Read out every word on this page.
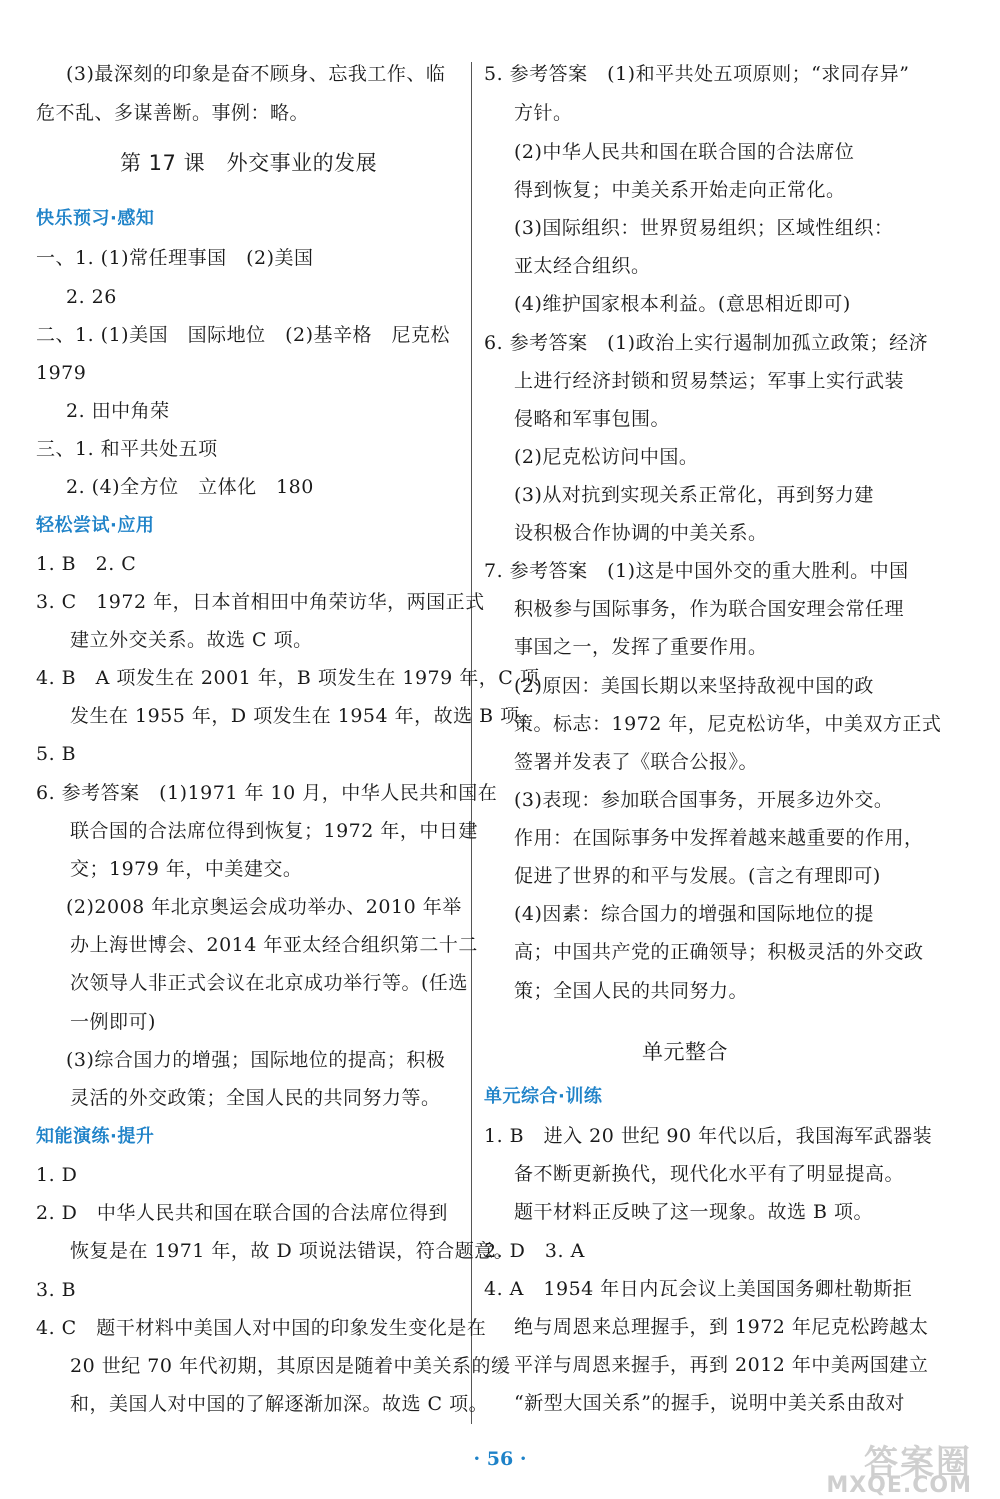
(3)最深刻的印象是奋不顾身、忘我工作、临
危不乱、多谋善断。事例：略。
第 17 课　外交事业的发展
快乐预习·感知
一、1. (1)常任理事国　(2)美国
2. 26
二、1. (1)美国　国际地位　(2)基辛格　尼克松
1979
2. 田中角荣
三、1. 和平共处五项
2. (4)全方位　立体化　180
轻松尝试·应用
1. B　2. C
3. C　1972 年，日本首相田中角荣访华，两国正式
建立外交关系。故选 C 项。
4. B　A 项发生在 2001 年，B 项发生在 1979 年，C 项
发生在 1955 年，D 项发生在 1954 年，故选 B 项。
5. B
6. 参考答案　(1)1971 年 10 月，中华人民共和国在
联合国的合法席位得到恢复；1972 年，中日建
交；1979 年，中美建交。
(2)2008 年北京奥运会成功举办、2010 年举
办上海世博会、2014 年亚太经合组织第二十二
次领导人非正式会议在北京成功举行等。(任选
一例即可)
(3)综合国力的增强；国际地位的提高；积极
灵活的外交政策；全国人民的共同努力等。
知能演练·提升
1. D
2. D　中华人民共和国在联合国的合法席位得到
恢复是在 1971 年，故 D 项说法错误，符合题意。
3. B
4. C　题干材料中美国人对中国的印象发生变化是在
20 世纪 70 年代初期，其原因是随着中美关系的缓
和，美国人对中国的了解逐渐加深。故选 C 项。
5. 参考答案　(1)和平共处五项原则；“求同存异”
方针。
(2)中华人民共和国在联合国的合法席位
得到恢复；中美关系开始走向正常化。
(3)国际组织：世界贸易组织；区域性组织：
亚太经合组织。
(4)维护国家根本利益。(意思相近即可)
6. 参考答案　(1)政治上实行遏制加孤立政策；经济
上进行经济封锁和贸易禁运；军事上实行武装
侵略和军事包围。
(2)尼克松访问中国。
(3)从对抗到实现关系正常化，再到努力建
设积极合作协调的中美关系。
7. 参考答案　(1)这是中国外交的重大胜利。中国
积极参与国际事务，作为联合国安理会常任理
事国之一，发挥了重要作用。
(2)原因：美国长期以来坚持敌视中国的政
策。标志：1972 年，尼克松访华，中美双方正式
签署并发表了《联合公报》。
(3)表现：参加联合国事务，开展多边外交。
作用：在国际事务中发挥着越来越重要的作用，
促进了世界的和平与发展。(言之有理即可)
(4)因素：综合国力的增强和国际地位的提
高；中国共产党的正确领导；积极灵活的外交政
策；全国人民的共同努力。
单元整合
单元综合·训练
1. B　进入 20 世纪 90 年代以后，我国海军武器装
备不断更新换代，现代化水平有了明显提高。
题干材料正反映了这一现象。故选 B 项。
2. D　3. A
4. A　1954 年日内瓦会议上美国国务卿杜勒斯拒
绝与周恩来总理握手，到 1972 年尼克松跨越太
平洋与周恩来握手，再到 2012 年中美两国建立
“新型大国关系”的握手，说明中美关系由敌对
· 56 ·	答案圈
MXQE.COM
